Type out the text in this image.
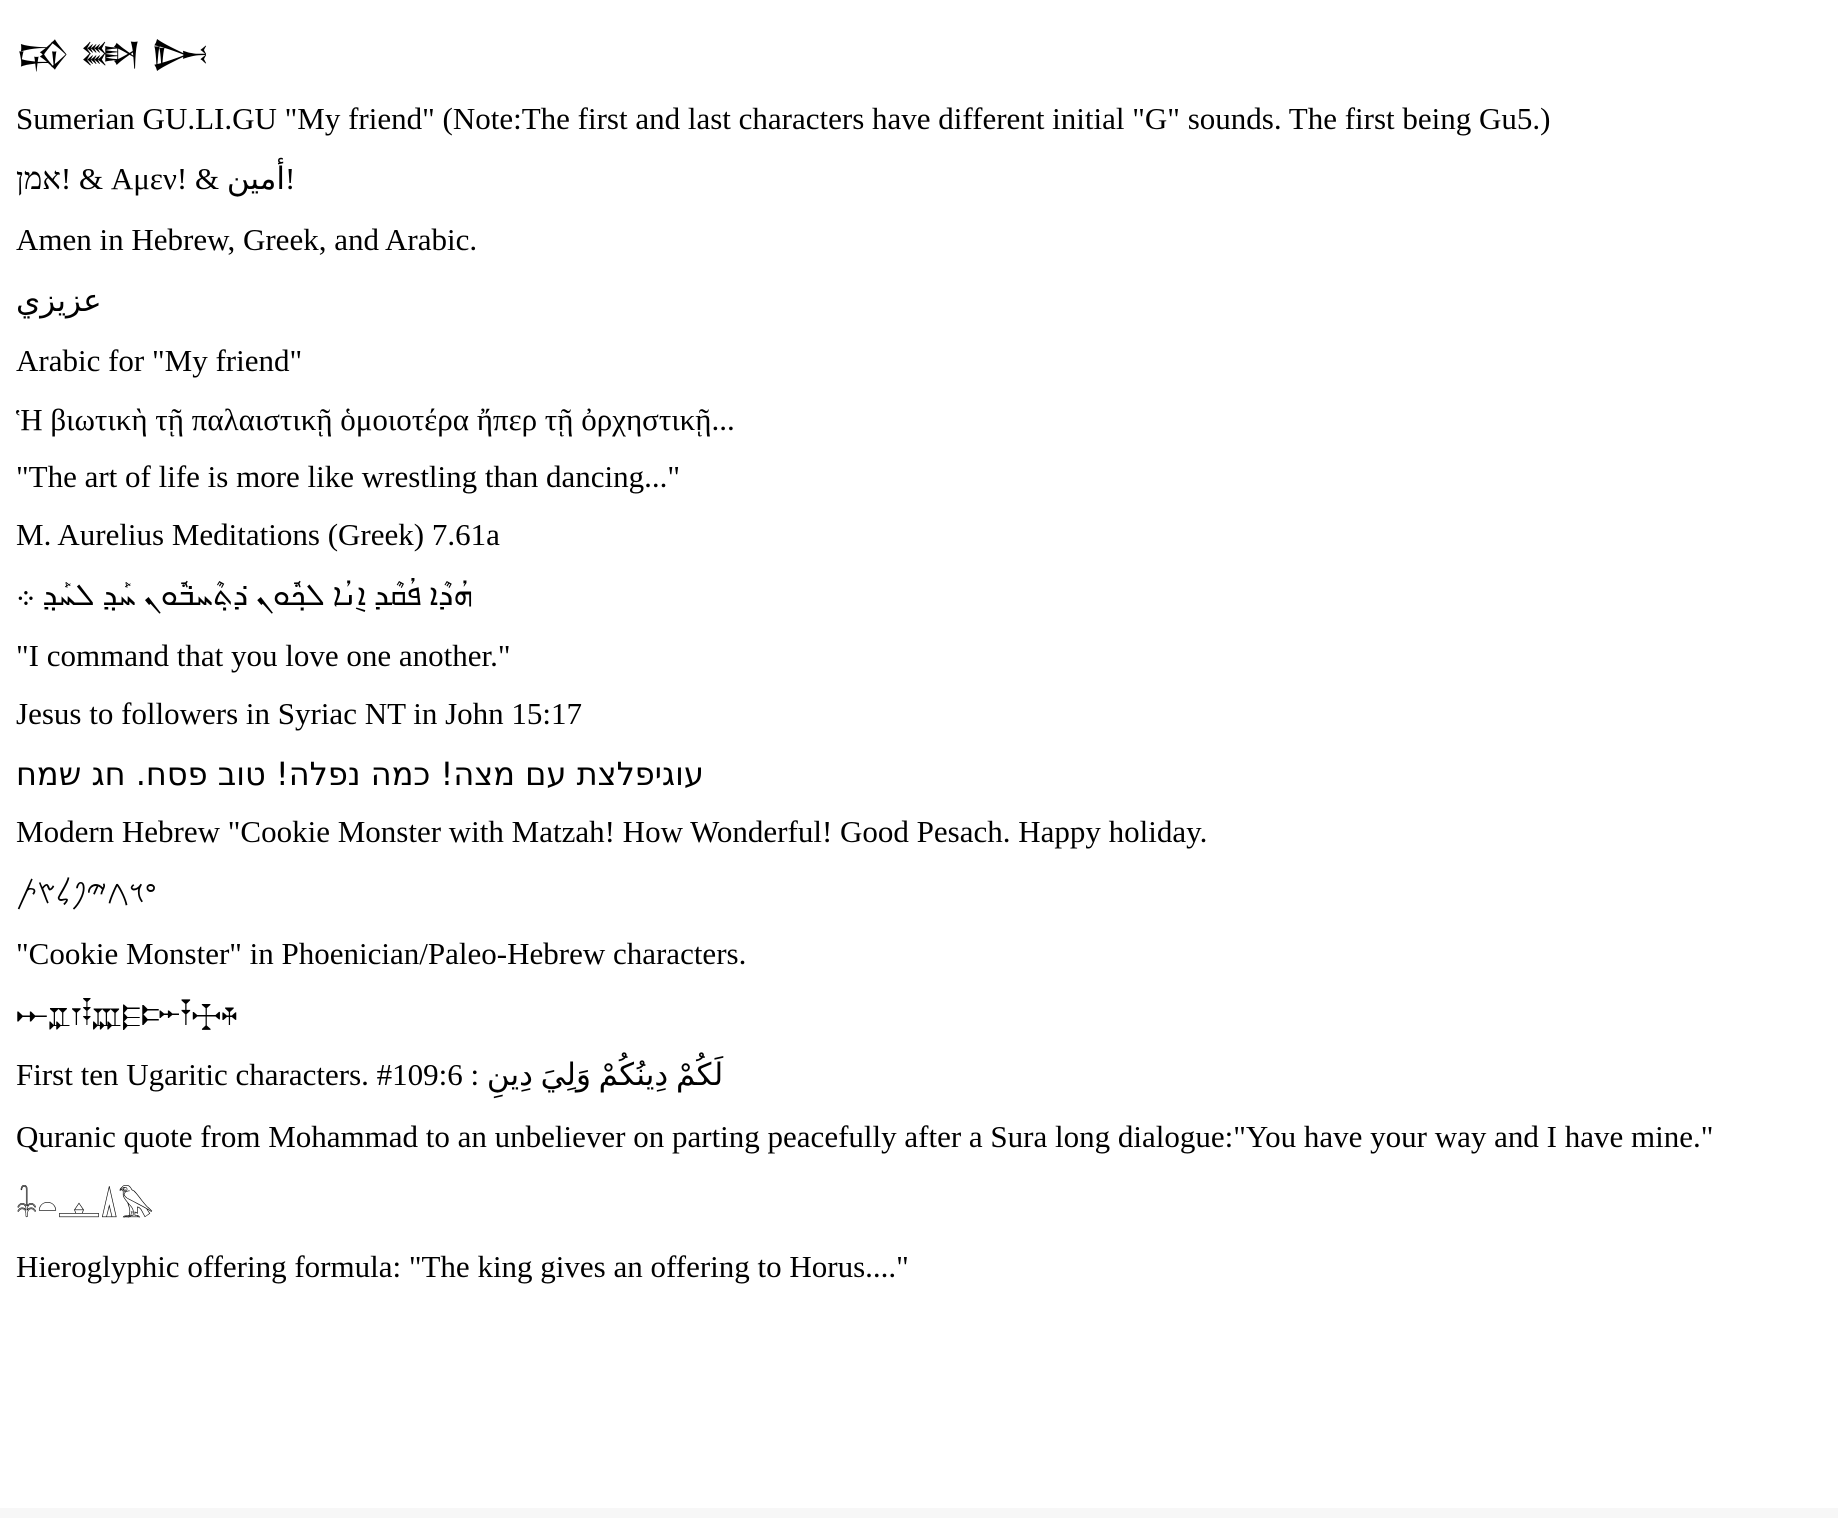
𒄘 𒇷 𒄖
Sumerian GU.LI.GU "My friend" (Note:The first and last characters have different initial "G" sounds. The first being Gu5.)
אמן! & Αμεν! & أمين!
Amen in Hebrew, Greek, and Arabic.
عزيزي
Arabic for "My friend"
Ἡ βιωτικὴ τῇ παλαιστικῇ ὁμοιοτέρα ἤπερ τῇ ὀρχηστικῇ...
"The art of life is more like wrestling than dancing..."
M. Aurelius Meditations (Greek) 7.61a
ܗܳܕܶܐ ܦܳܩܶܕ ܐ݈ܢܳܐ ܠܟ݂ܽܘܢ ܕ݁ܬ݂ܶܚܒ݁ܽܘܢ ܚܰܕ݂ ܠܚܰܕ݂ ܀
"I command that you love one another."
Jesus to followers in Syriac NT in John 15:17
עוגיפלצת עם מצה! כמה נפלה! טוב פסח. חג שמח
Modern Hebrew "Cookie Monster with Matzah! How Wonderful! Good Pesach. Happy holiday.
𐤏𐤅𐤂𐤉𐤐𐤋𐤑𐤕
"Cookie Monster" in Phoenician/Paleo-Hebrew characters.
𐎀𐎁𐎂𐎃𐎄𐎅𐎆𐎇𐎈𐎉
First ten Ugaritic characters. #109:6 : لَكُمْ دِينُكُمْ وَلِيَ دِينِ
Quranic quote from Mohammad to an unbeliever on parting peacefully after a Sura long dialogue:"You have your way and I have mine."
𓇓𓏏𓊵𓏙𓅃
Hieroglyphic offering formula: "The king gives an offering to Horus...."
